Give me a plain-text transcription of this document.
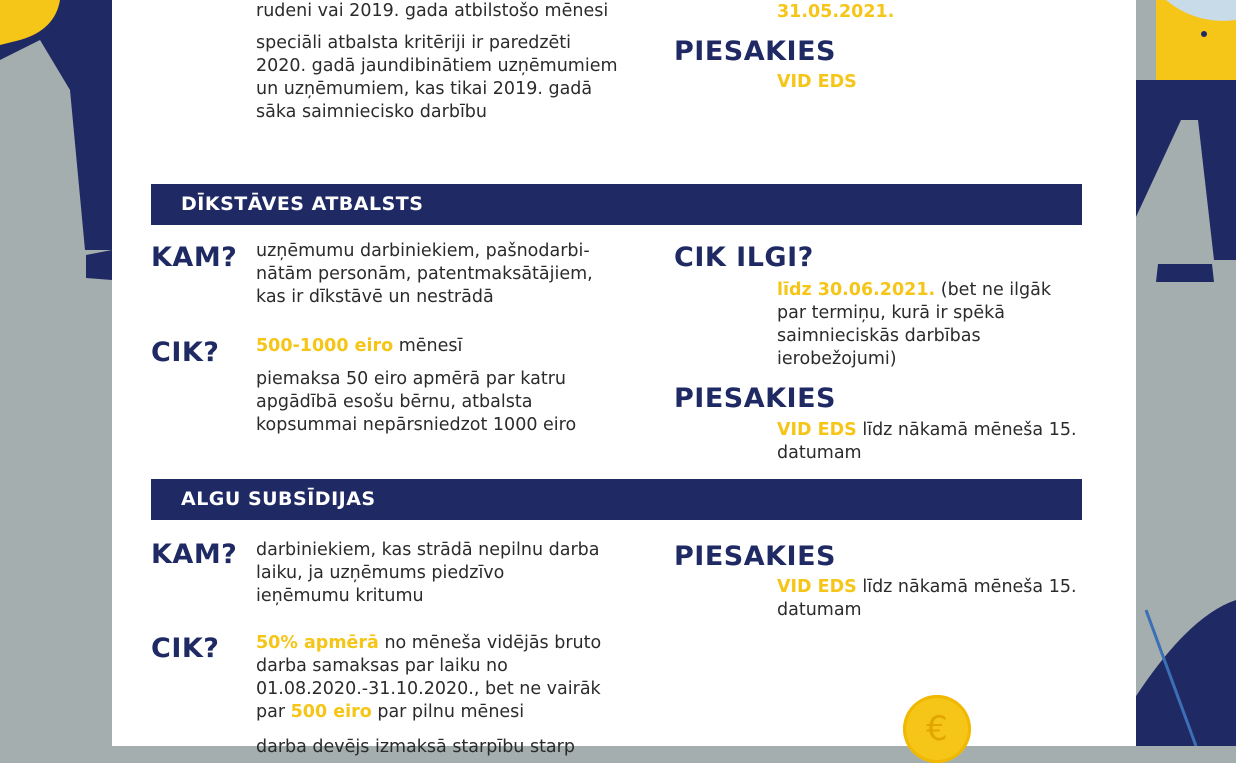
rudeni vai 2019. gada atbilstošo mēnesi
speciāli atbalsta kritēriji ir paredzēti 2020. gadā jaundibinātiem uzņēmumiem un uzņēmumiem, kas tikai 2019. gadā sāka saimniecisko darbību
31.05.2021.
PIESAKIES
VID EDS
DĪKSTĀVES ATBALSTS
KAM? uzņēmumu darbiniekiem, pašnodarbi-nātām personām, patentmaksātājiem, kas ir dīkstāvē un nestrādā
CIK? 500-1000 eiro mēnesī
piemaksa 50 eiro apmērā par katru apgādībā esošu bērnu, atbalsta kopsummai nepārsniedzot 1000 eiro
CIK ILGI?
līdz 30.06.2021. (bet ne ilgāk par termiņu, kurā ir spēkā saimnieciskās darbības ierobežojumi)
PIESAKIES
VID EDS līdz nākamā mēneša 15. datumam
ALGU SUBSĪDIJAS
KAM? darbiniekiem, kas strādā nepilnu darba laiku, ja uzņēmums piedzīvo ieņēmumu kritumu
CIK? 50% apmērā no mēneša vidējās bruto darba samaksas par laiku no 01.08.2020.-31.10.2020., bet ne vairāk par 500 eiro par pilnu mēnesi
darba devējs izmaksā starpību starp
PIESAKIES
VID EDS līdz nākamā mēneša 15. datumam
€
